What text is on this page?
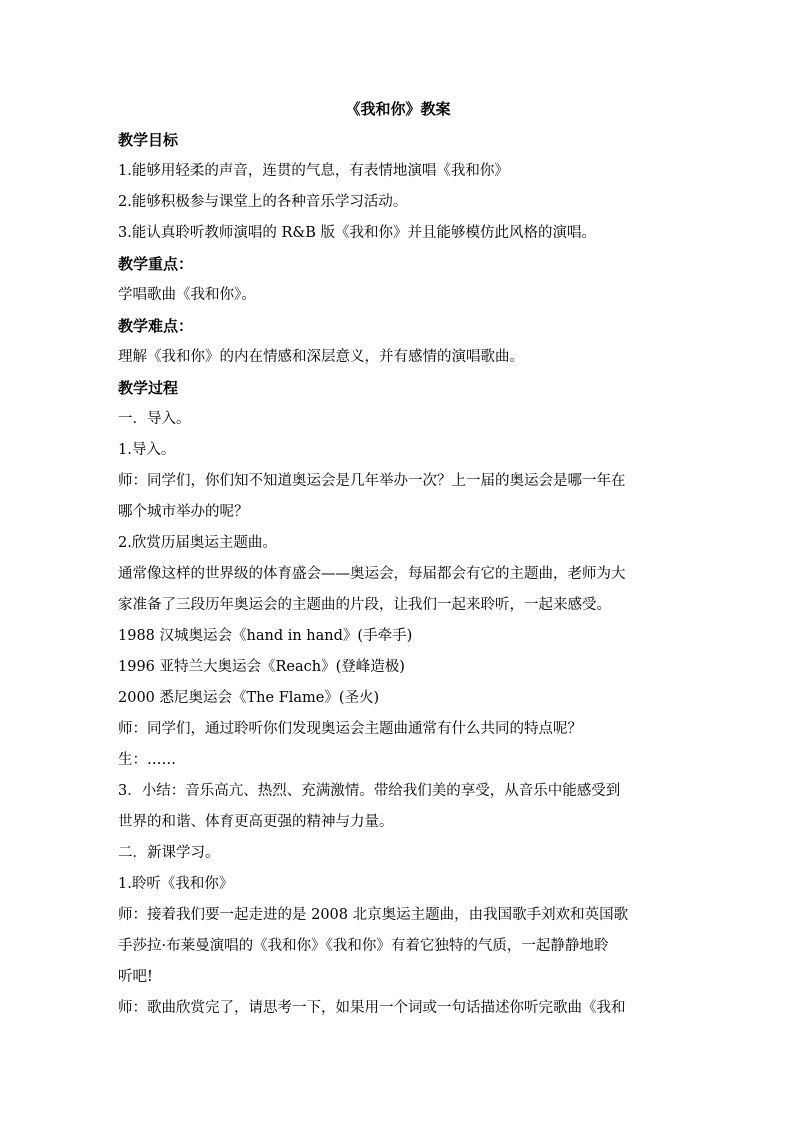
《我和你》教案
教学目标
1.能够用轻柔的声音，连贯的气息，有表情地演唱《我和你》
2.能够积极参与课堂上的各种音乐学习活动。
3.能认真聆听教师演唱的 R&B 版《我和你》并且能够模仿此风格的演唱。
教学重点：
学唱歌曲《我和你》。
教学难点：
理解《我和你》的内在情感和深层意义，并有感情的演唱歌曲。
教学过程
一．导入。
1.导入。
师：同学们，你们知不知道奥运会是几年举办一次？上一届的奥运会是哪一年在
哪个城市举办的呢？
2.欣赏历届奥运主题曲。
通常像这样的世界级的体育盛会——奥运会，每届都会有它的主题曲，老师为大
家准备了三段历年奥运会的主题曲的片段，让我们一起来聆听，一起来感受。
1988 汉城奥运会《hand in hand》(手牵手)
1996 亚特兰大奥运会《Reach》(登峰造极)
2000 悉尼奥运会《The Flame》(圣火)
师：同学们，通过聆听你们发现奥运会主题曲通常有什么共同的特点呢？
生：……
3．小结：音乐高亢、热烈、充满激情。带给我们美的享受，从音乐中能感受到
世界的和谐、体育更高更强的精神与力量。
二．新课学习。
1.聆听《我和你》
师：接着我们要一起走进的是 2008 北京奥运主题曲，由我国歌手刘欢和英国歌
手莎拉·布莱曼演唱的《我和你》《我和你》有着它独特的气质，一起静静地聆
听吧!
师：歌曲欣赏完了，请思考一下，如果用一个词或一句话描述你听完歌曲《我和
